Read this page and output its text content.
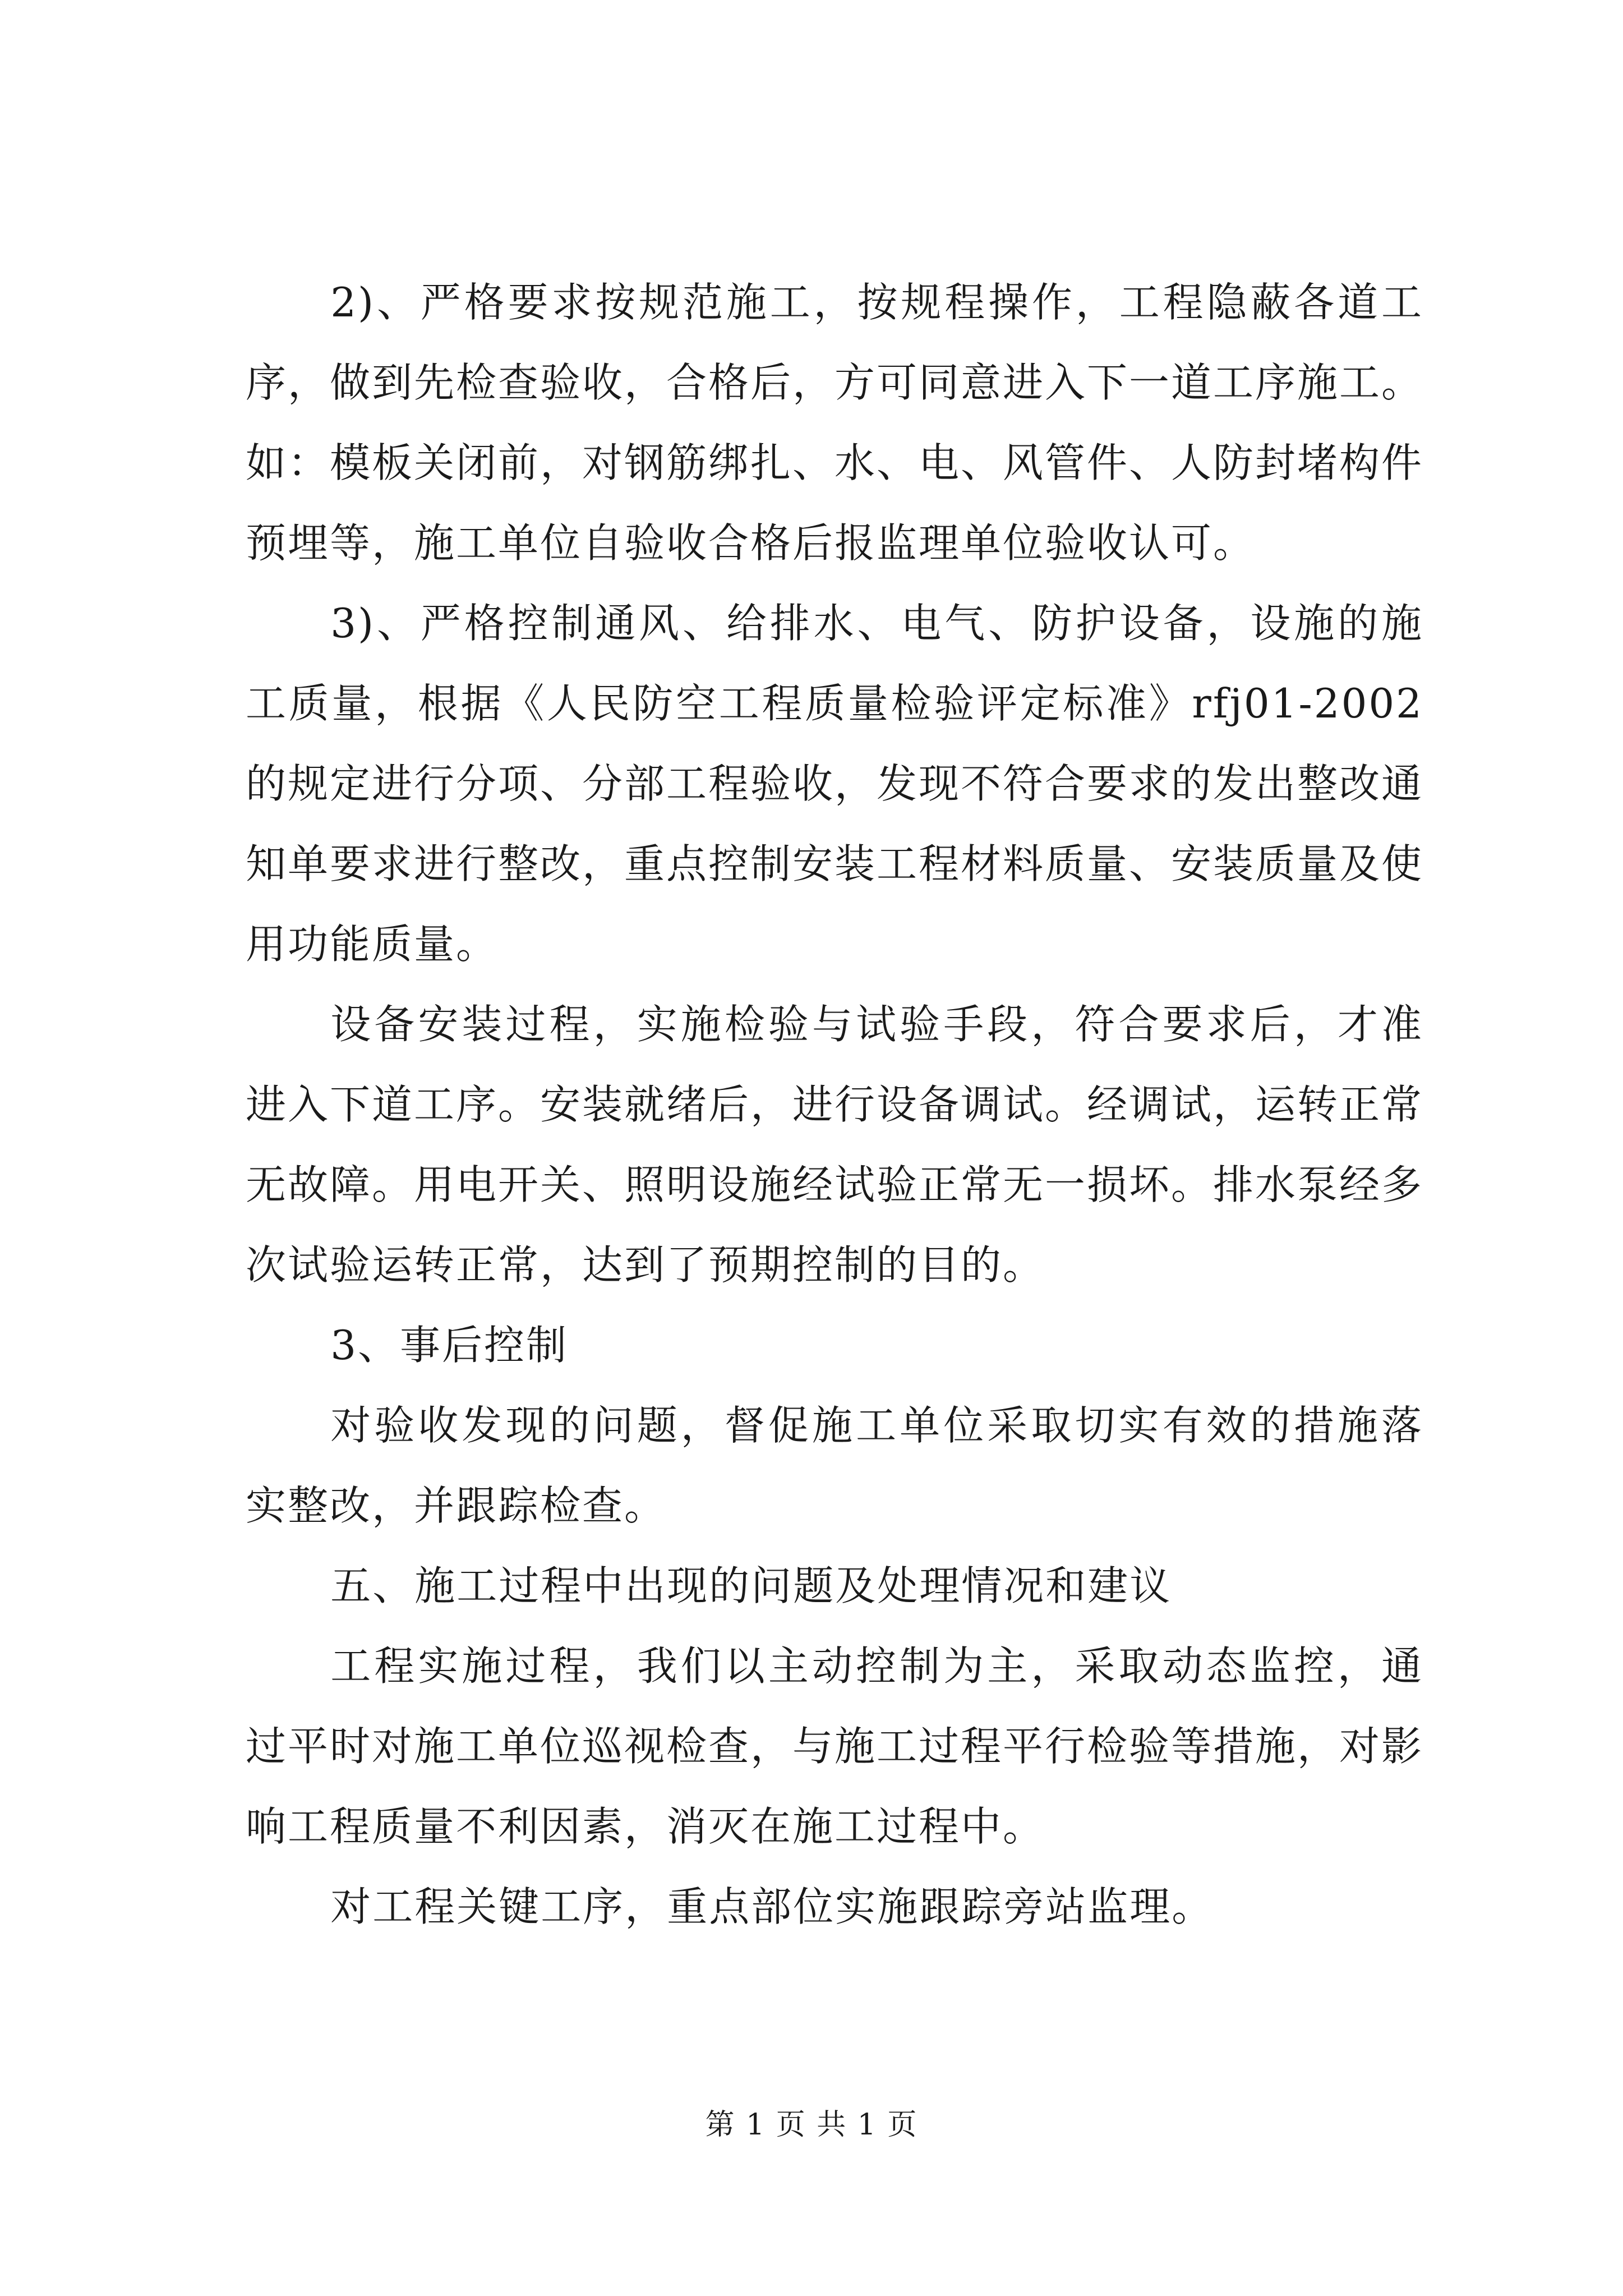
2)、严格要求按规范施工，按规程操作，工程隐蔽各道工序，做到先检查验收，合格后，方可同意进入下一道工序施工。如：模板关闭前，对钢筋绑扎、水、电、风管件、人防封堵构件预埋等，施工单位自验收合格后报监理单位验收认可。

3)、严格控制通风、给排水、电气、防护设备，设施的施工质量，根据《人民防空工程质量检验评定标准》rfj01-2002的规定进行分项、分部工程验收，发现不符合要求的发出整改通知单要求进行整改，重点控制安装工程材料质量、安装质量及使用功能质量。

设备安装过程，实施检验与试验手段，符合要求后，才准进入下道工序。安装就绪后，进行设备调试。经调试，运转正常无故障。用电开关、照明设施经试验正常无一损坏。排水泵经多次试验运转正常，达到了预期控制的目的。

3、事后控制

对验收发现的问题，督促施工单位采取切实有效的措施落实整改，并跟踪检查。

五、施工过程中出现的问题及处理情况和建议

工程实施过程，我们以主动控制为主，采取动态监控，通过平时对施工单位巡视检查，与施工过程平行检验等措施，对影响工程质量不利因素，消灭在施工过程中。

对工程关键工序，重点部位实施跟踪旁站监理。

第 1 页 共 1 页
